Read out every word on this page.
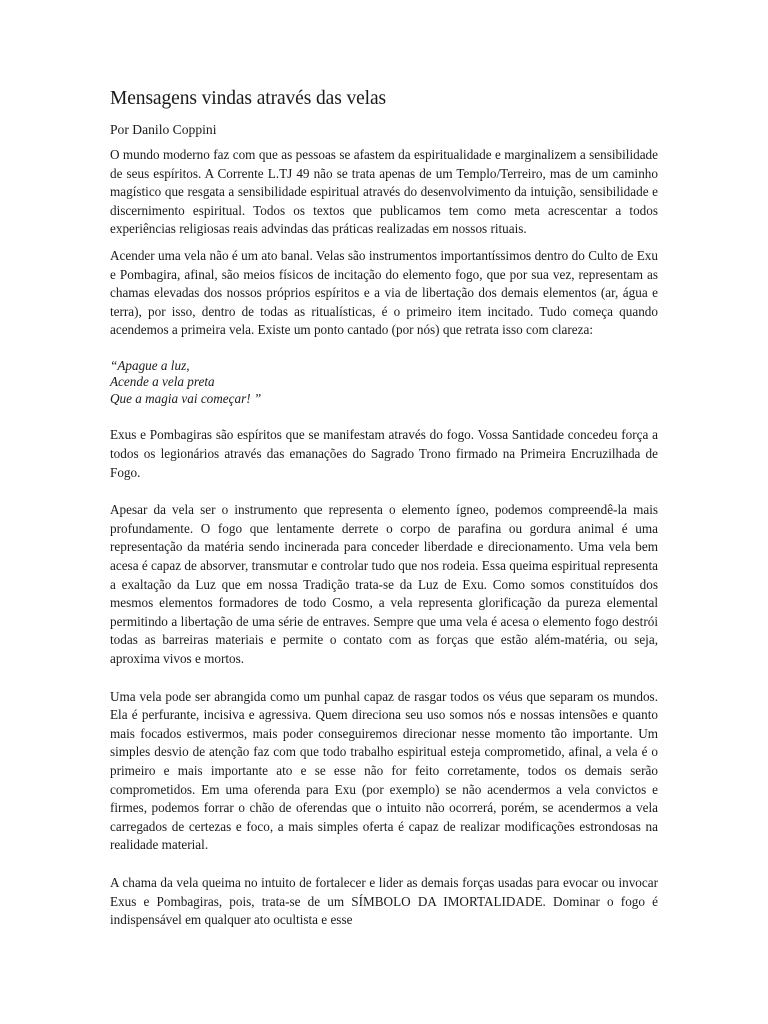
Mensagens vindas através das velas
Por Danilo Coppini

O mundo moderno faz com que as pessoas se afastem da espiritualidade e marginalizem a sensibilidade de seus espíritos. A Corrente L.TJ 49 não se trata apenas de um Templo/Terreiro, mas de um caminho magístico que resgata a sensibilidade espiritual através do desenvolvimento da intuição, sensibilidade e discernimento espiritual. Todos os textos que publicamos tem como meta acrescentar a todos experiências religiosas reais advindas das práticas realizadas em nossos rituais.

Acender uma vela não é um ato banal. Velas são instrumentos importantíssimos dentro do Culto de Exu e Pombagira, afinal, são meios físicos de incitação do elemento fogo, que por sua vez, representam as chamas elevadas dos nossos próprios espíritos e a via de libertação dos demais elementos (ar, água e terra), por isso, dentro de todas as ritualísticas, é o primeiro item incitado. Tudo começa quando acendemos a primeira vela. Existe um ponto cantado (por nós) que retrata isso com clareza:

“Apague a luz,

Acende a vela preta

Que a magia vai começar! ”

Exus e Pombagiras são espíritos que se manifestam através do fogo. Vossa Santidade concedeu força a todos os legionários através das emanações do Sagrado Trono firmado na Primeira Encruzilhada de Fogo.

Apesar da vela ser o instrumento que representa o elemento ígneo, podemos compreendê-la mais profundamente. O fogo que lentamente derrete o corpo de parafina ou gordura animal é uma representação da matéria sendo incinerada para conceder liberdade e direcionamento. Uma vela bem acesa é capaz de absorver, transmutar e controlar tudo que nos rodeia. Essa queima espiritual representa a exaltação da Luz que em nossa Tradição trata-se da Luz de Exu. Como somos constituídos dos mesmos elementos formadores de todo Cosmo, a vela representa glorificação da pureza elemental permitindo a libertação de uma série de entraves. Sempre que uma vela é acesa o elemento fogo destrói todas as barreiras materiais e permite o contato com as forças que estão além-matéria, ou seja, aproxima vivos e mortos.

Uma vela pode ser abrangida como um punhal capaz de rasgar todos os véus que separam os mundos. Ela é perfurante, incisiva e agressiva. Quem direciona seu uso somos nós e nossas intensões e quanto mais focados estivermos, mais poder conseguiremos direcionar nesse momento tão importante. Um simples desvio de atenção faz com que todo trabalho espiritual esteja comprometido, afinal, a vela é o primeiro e mais importante ato e se esse não for feito corretamente, todos os demais serão comprometidos. Em uma oferenda para Exu (por exemplo) se não acendermos a vela convictos e firmes, podemos forrar o chão de oferendas que o intuito não ocorrerá, porém, se acendermos a vela carregados de certezas e foco, a mais simples oferta é capaz de realizar modificações estrondosas na realidade material.

A chama da vela queima no intuito de fortalecer e lider as demais forças usadas para evocar ou invocar Exus e Pombagiras, pois, trata-se de um SÍMBOLO DA IMORTALIDADE. Dominar o fogo é indispensável em qualquer ato ocultista e esse
